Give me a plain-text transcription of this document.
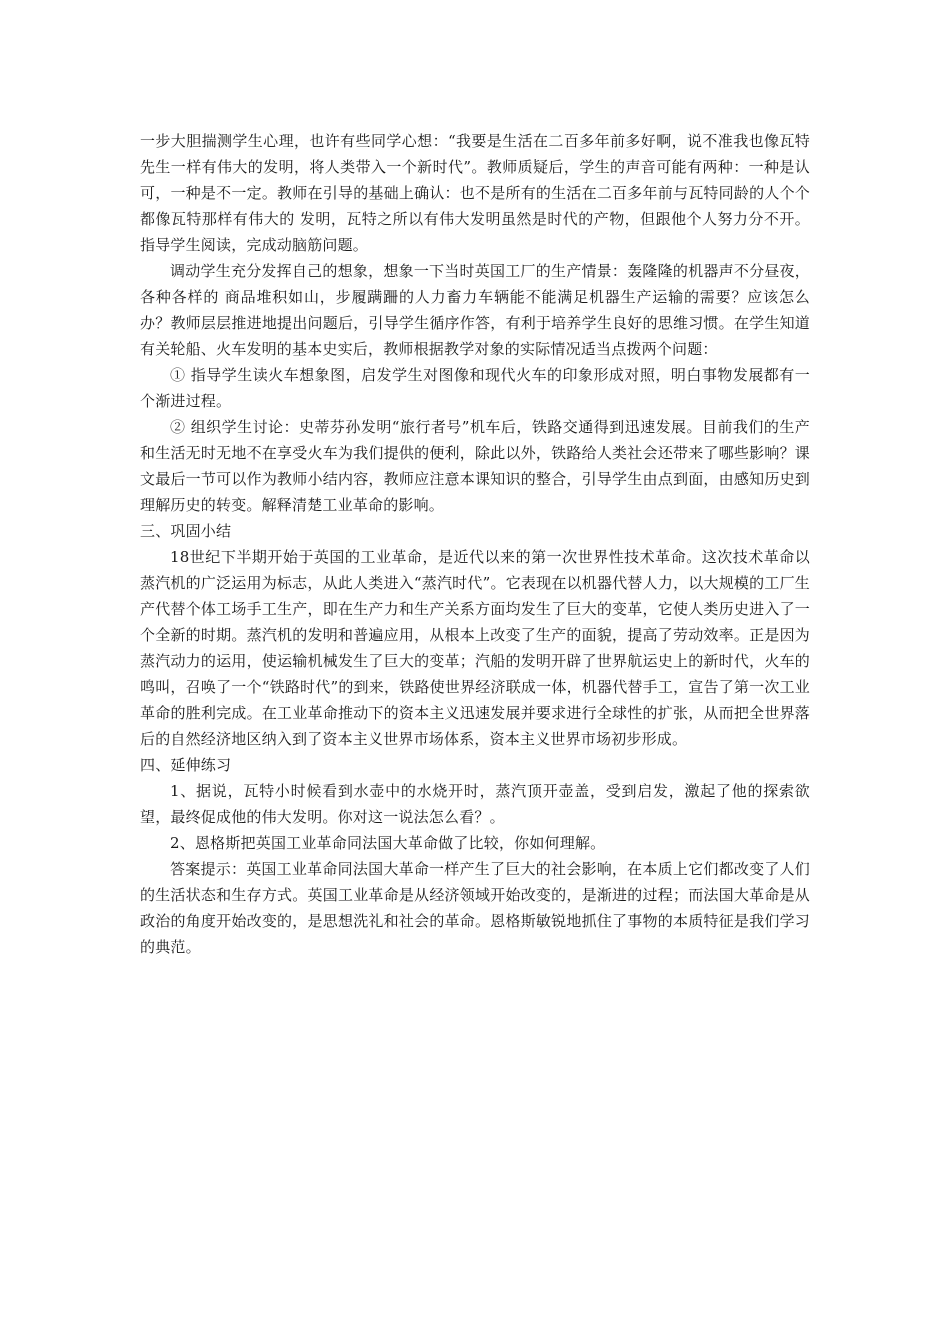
一步大胆揣测学生心理，也许有些同学心想：“我要是生活在二百多年前多好啊，说不准我也像瓦特先生一样有伟大的发明，将人类带入一个新时代”。教师质疑后，学生的声音可能有两种：一种是认可，一种是不一定。教师在引导的基础上确认：也不是所有的生活在二百多年前与瓦特同龄的人个个都像瓦特那样有伟大的 发明，瓦特之所以有伟大发明虽然是时代的产物，但跟他个人努力分不开。指导学生阅读，完成动脑筋问题。

调动学生充分发挥自己的想象，想象一下当时英国工厂的生产情景：轰隆隆的机器声不分昼夜，各种各样的 商品堆积如山，步履蹒跚的人力畜力车辆能不能满足机器生产运输的需要？应该怎么办？教师层层推进地提出问题后，引导学生循序作答，有利于培养学生良好的思维习惯。在学生知道有关轮船、火车发明的基本史实后，教师根据教学对象的实际情况适当点拨两个问题：

① 指导学生读火车想象图，启发学生对图像和现代火车的印象形成对照，明白事物发展都有一个渐进过程。

② 组织学生讨论：史蒂芬孙发明“旅行者号”机车后，铁路交通得到迅速发展。目前我们的生产和生活无时无地不在享受火车为我们提供的便利，除此以外，铁路给人类社会还带来了哪些影响？课文最后一节可以作为教师小结内容，教师应注意本课知识的整合，引导学生由点到面，由感知历史到理解历史的转变。解释清楚工业革命的影响。

三、巩固小结

18世纪下半期开始于英国的工业革命，是近代以来的第一次世界性技术革命。这次技术革命以蒸汽机的广泛运用为标志，从此人类进入“蒸汽时代”。它表现在以机器代替人力，以大规模的工厂生产代替个体工场手工生产，即在生产力和生产关系方面均发生了巨大的变革，它使人类历史进入了一个全新的时期。蒸汽机的发明和普遍应用，从根本上改变了生产的面貌，提高了劳动效率。正是因为蒸汽动力的运用，使运输机械发生了巨大的变革；汽船的发明开辟了世界航运史上的新时代，火车的鸣叫，召唤了一个“铁路时代”的到来，铁路使世界经济联成一体，机器代替手工，宣告了第一次工业革命的胜利完成。在工业革命推动下的资本主义迅速发展并要求进行全球性的扩张，从而把全世界落后的自然经济地区纳入到了资本主义世界市场体系，资本主义世界市场初步形成。

四、延伸练习

1、据说，瓦特小时候看到水壶中的水烧开时，蒸汽顶开壶盖，受到启发，激起了他的探索欲望，最终促成他的伟大发明。你对这一说法怎么看？。

2、恩格斯把英国工业革命同法国大革命做了比较，你如何理解。

答案提示：英国工业革命同法国大革命一样产生了巨大的社会影响，在本质上它们都改变了人们的生活状态和生存方式。英国工业革命是从经济领域开始改变的，是渐进的过程；而法国大革命是从政治的角度开始改变的，是思想洗礼和社会的革命。恩格斯敏锐地抓住了事物的本质特征是我们学习的典范。
